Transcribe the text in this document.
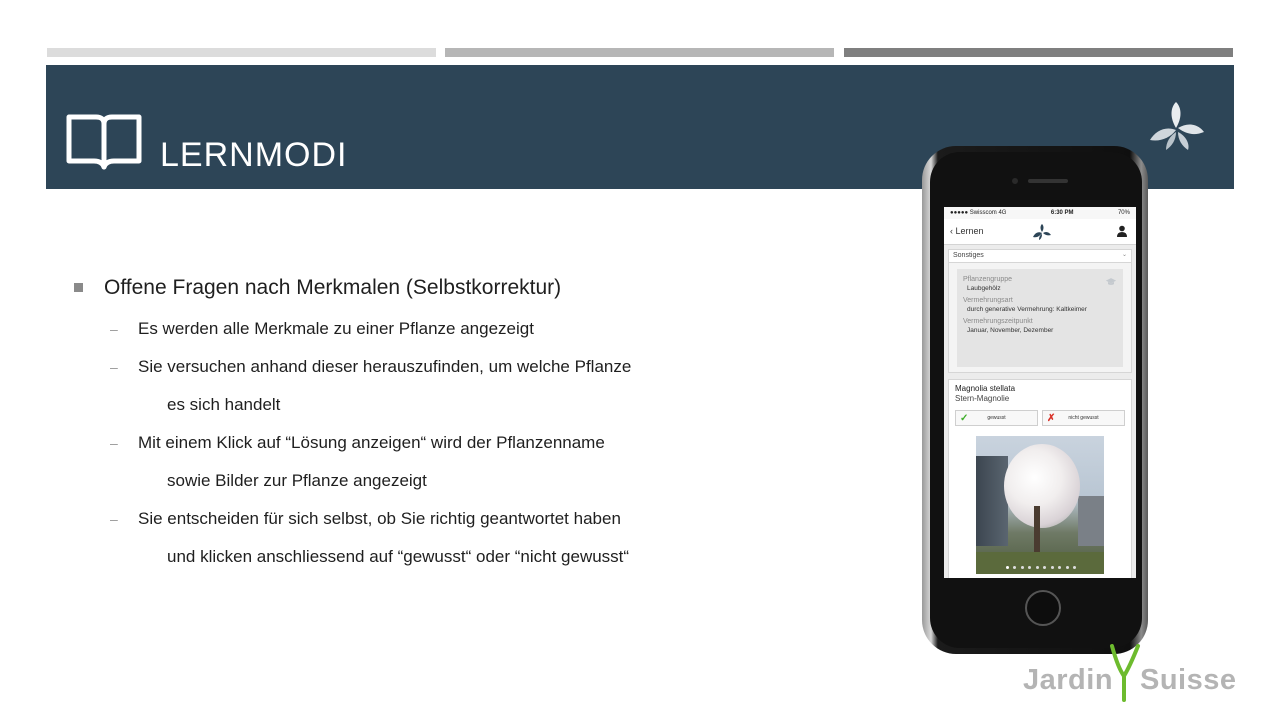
LERNMODI
Offene Fragen nach Merkmalen (Selbstkorrektur)
– Es werden alle Merkmale zu einer Pflanze angezeigt
– Sie versuchen anhand dieser herauszufinden, um welche Pflanze
es sich handelt
– Mit einem Klick auf “Lösung anzeigen“ wird der Pflanzenname
sowie Bilder zur Pflanze angezeigt
– Sie entscheiden für sich selbst, ob Sie richtig geantwortet haben
und klicken anschliessend auf “gewusst“ oder “nicht gewusst“
●●●●● Swisscom 4G	6:30 PM	70%
‹ Lernen
Sonstiges	⌄
Pflanzengruppe
Laubgehölz
Vermehrungsart
durch generative Vermehrung: Kaltkeimer
Vermehrungszeitpunkt
Januar, November, Dezember
Magnolia stellata
Stern-Magnolie
✓	gewusst	✗	nicht gewusst
Jardin Suisse
